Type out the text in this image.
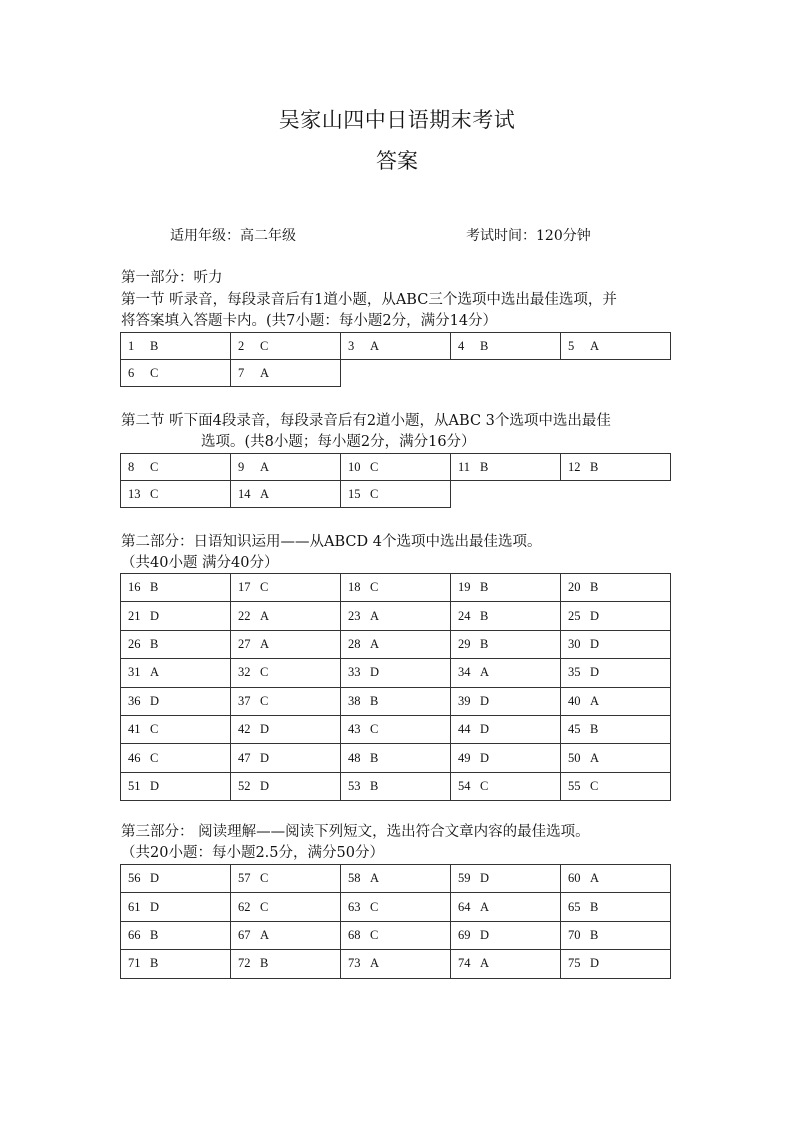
吴家山四中日语期末考试
答案
适用年级：高二年级	考试时间：120分钟
第一部分：听力
第一节 听录音，每段录音后有1道小题，从ABC三个选项中选出最佳选项，并
将答案填入答题卡内。(共7小题：每小题2分，满分14分）
1 B	2 C	3 A	4 B	5 A
6 C	7 A			
第二节 听下面4段录音，每段录音后有2道小题，从ABC 3个选项中选出最佳
选项。(共8小题；每小题2分，满分16分）
8 C	9 A	10 C	11 B	12 B
13 C	14 A	15 C		
第二部分：日语知识运用——从ABCD 4个选项中选出最佳选项。
（共40小题 满分40分）
16 B	17 C	18 C	19 B	20 B
21 D	22 A	23 A	24 B	25 D
26 B	27 A	28 A	29 B	30 D
31 A	32 C	33 D	34 A	35 D
36 D	37 C	38 B	39 D	40 A
41 C	42 D	43 C	44 D	45 B
46 C	47 D	48 B	49 D	50 A
51 D	52 D	53 B	54 C	55 C
第三部分： 阅读理解——阅读下列短文，选出符合文章内容的最佳选项。
（共20小题：每小题2.5分，满分50分）
56 D	57 C	58 A	59 D	60 A
61 D	62 C	63 C	64 A	65 B
66 B	67 A	68 C	69 D	70 B
71 B	72 B	73 A	74 A	75 D
